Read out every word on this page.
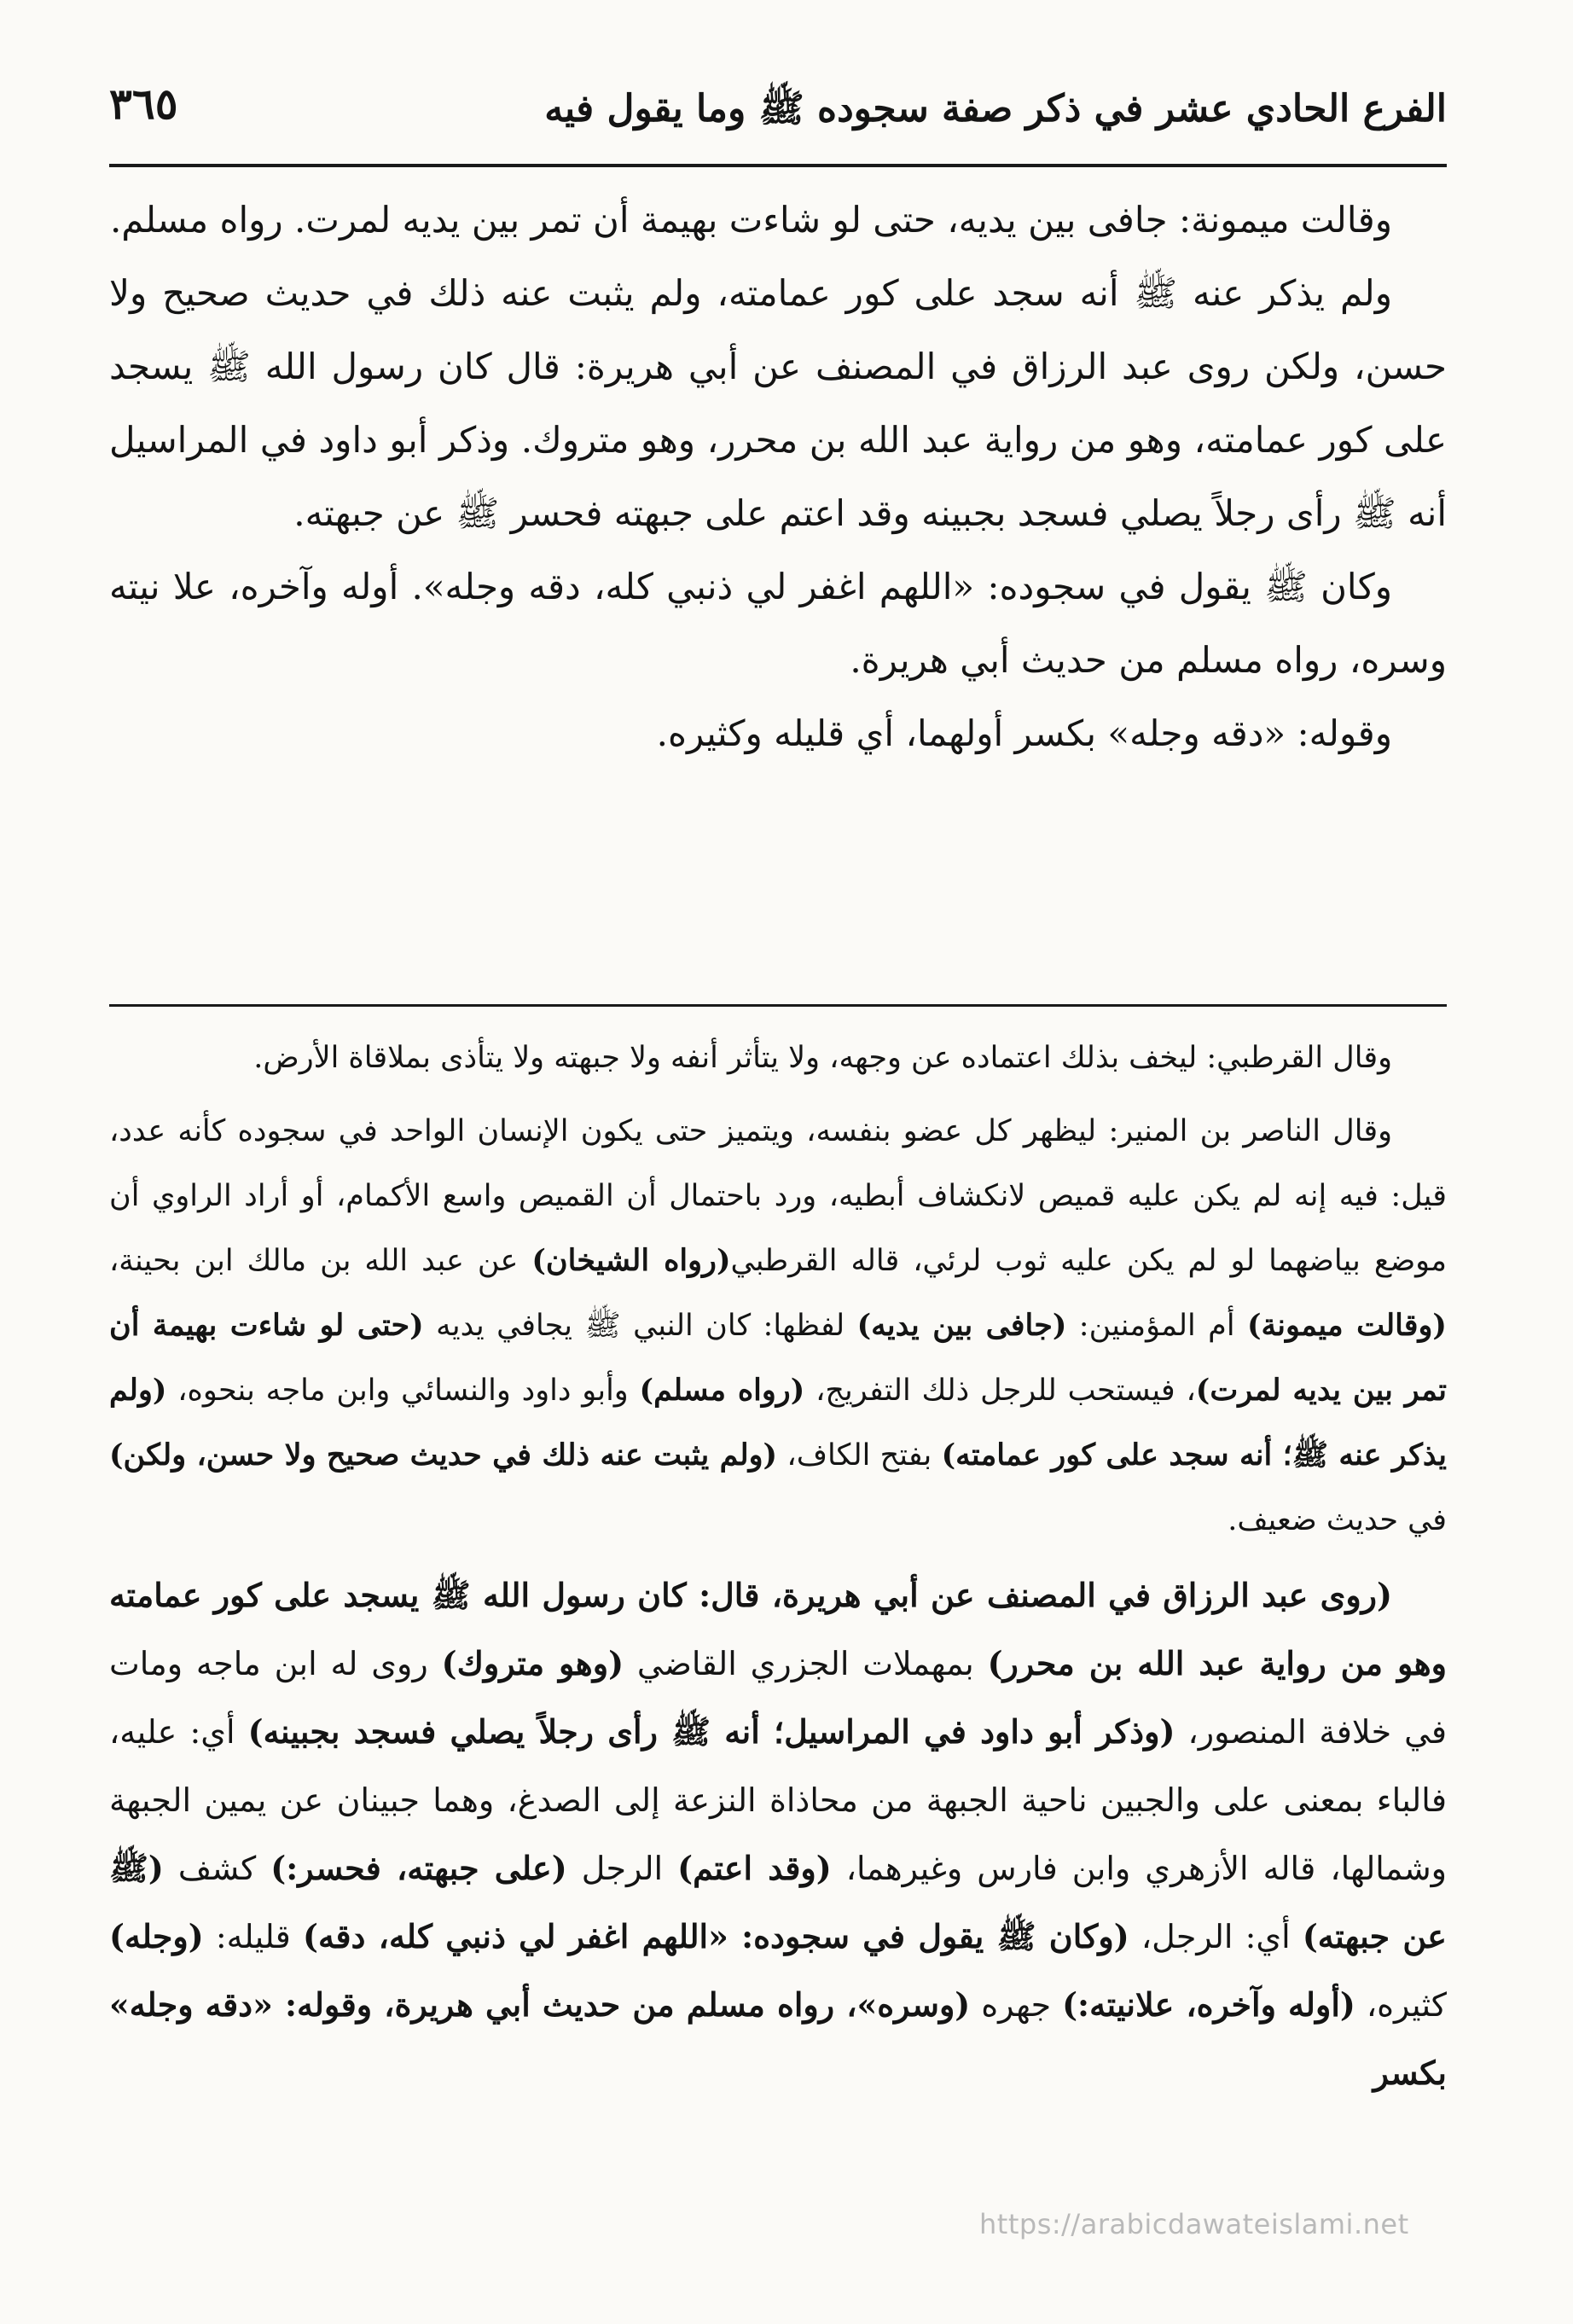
الفرع الحادي عشر في ذكر صفة سجوده ﷺ وما يقول فيه
٣٦٥

وقالت ميمونة: جافى بين يديه، حتى لو شاءت بهيمة أن تمر بين يديه لمرت. رواه مسلم.

ولم يذكر عنه ﷺ أنه سجد على كور عمامته، ولم يثبت عنه ذلك في حديث صحيح ولا حسن، ولكن روى عبد الرزاق في المصنف عن أبي هريرة: قال كان رسول الله ﷺ يسجد على كور عمامته، وهو من رواية عبد الله بن محرر، وهو متروك. وذكر أبو داود في المراسيل أنه ﷺ رأى رجلاً يصلي فسجد بجبينه وقد اعتم على جبهته فحسر ﷺ عن جبهته.

وكان ﷺ يقول في سجوده: «اللهم اغفر لي ذنبي كله، دقه وجله». أوله وآخره، علا نيته وسره، رواه مسلم من حديث أبي هريرة.

وقوله: «دقه وجله» بكسر أولهما، أي قليله وكثيره.

وقال القرطبي: ليخف بذلك اعتماده عن وجهه، ولا يتأثر أنفه ولا جبهته ولا يتأذى بملاقاة الأرض.

وقال الناصر بن المنير: ليظهر كل عضو بنفسه، ويتميز حتى يكون الإنسان الواحد في سجوده كأنه عدد، قيل: فيه إنه لم يكن عليه قميص لانكشاف أبطيه، ورد باحتمال أن القميص واسع الأكمام، أو أراد الراوي أن موضع بياضهما لو لم يكن عليه ثوب لرئي، قاله القرطبي(رواه الشيخان) عن عبد الله بن مالك ابن بحينة، (وقالت ميمونة) أم المؤمنين: (جافى بين يديه) لفظها: كان النبي ﷺ يجافي يديه (حتى لو شاءت بهيمة أن تمر بين يديه لمرت)، فيستحب للرجل ذلك التفريج، (رواه مسلم) وأبو داود والنسائي وابن ماجه بنحوه، (ولم يذكر عنه ﷺ؛ أنه سجد على كور عمامته) بفتح الكاف، (ولم يثبت عنه ذلك في حديث صحيح ولا حسن، ولكن) في حديث ضعيف.

(روى عبد الرزاق في المصنف عن أبي هريرة، قال: كان رسول الله ﷺ يسجد على كور عمامته وهو من رواية عبد الله بن محرر) بمهملات الجزري القاضي (وهو متروك) روى له ابن ماجه ومات في خلافة المنصور، (وذكر أبو داود في المراسيل؛ أنه ﷺ رأى رجلاً يصلي فسجد بجبينه) أي: عليه، فالباء بمعنى على والجبين ناحية الجبهة من محاذاة النزعة إلى الصدغ، وهما جبينان عن يمين الجبهة وشمالها، قاله الأزهري وابن فارس وغيرهما، (وقد اعتم) الرجل (على جبهته، فحسر:) كشف (ﷺ عن جبهته) أي: الرجل، (وكان ﷺ يقول في سجوده: «اللهم اغفر لي ذنبي كله، دقه) قليله: (وجله) كثيره، (أوله وآخره، علانيته:) جهره (وسره»، رواه مسلم من حديث أبي هريرة، وقوله: «دقه وجله» بكسر

https://arabicdawateislami.net
